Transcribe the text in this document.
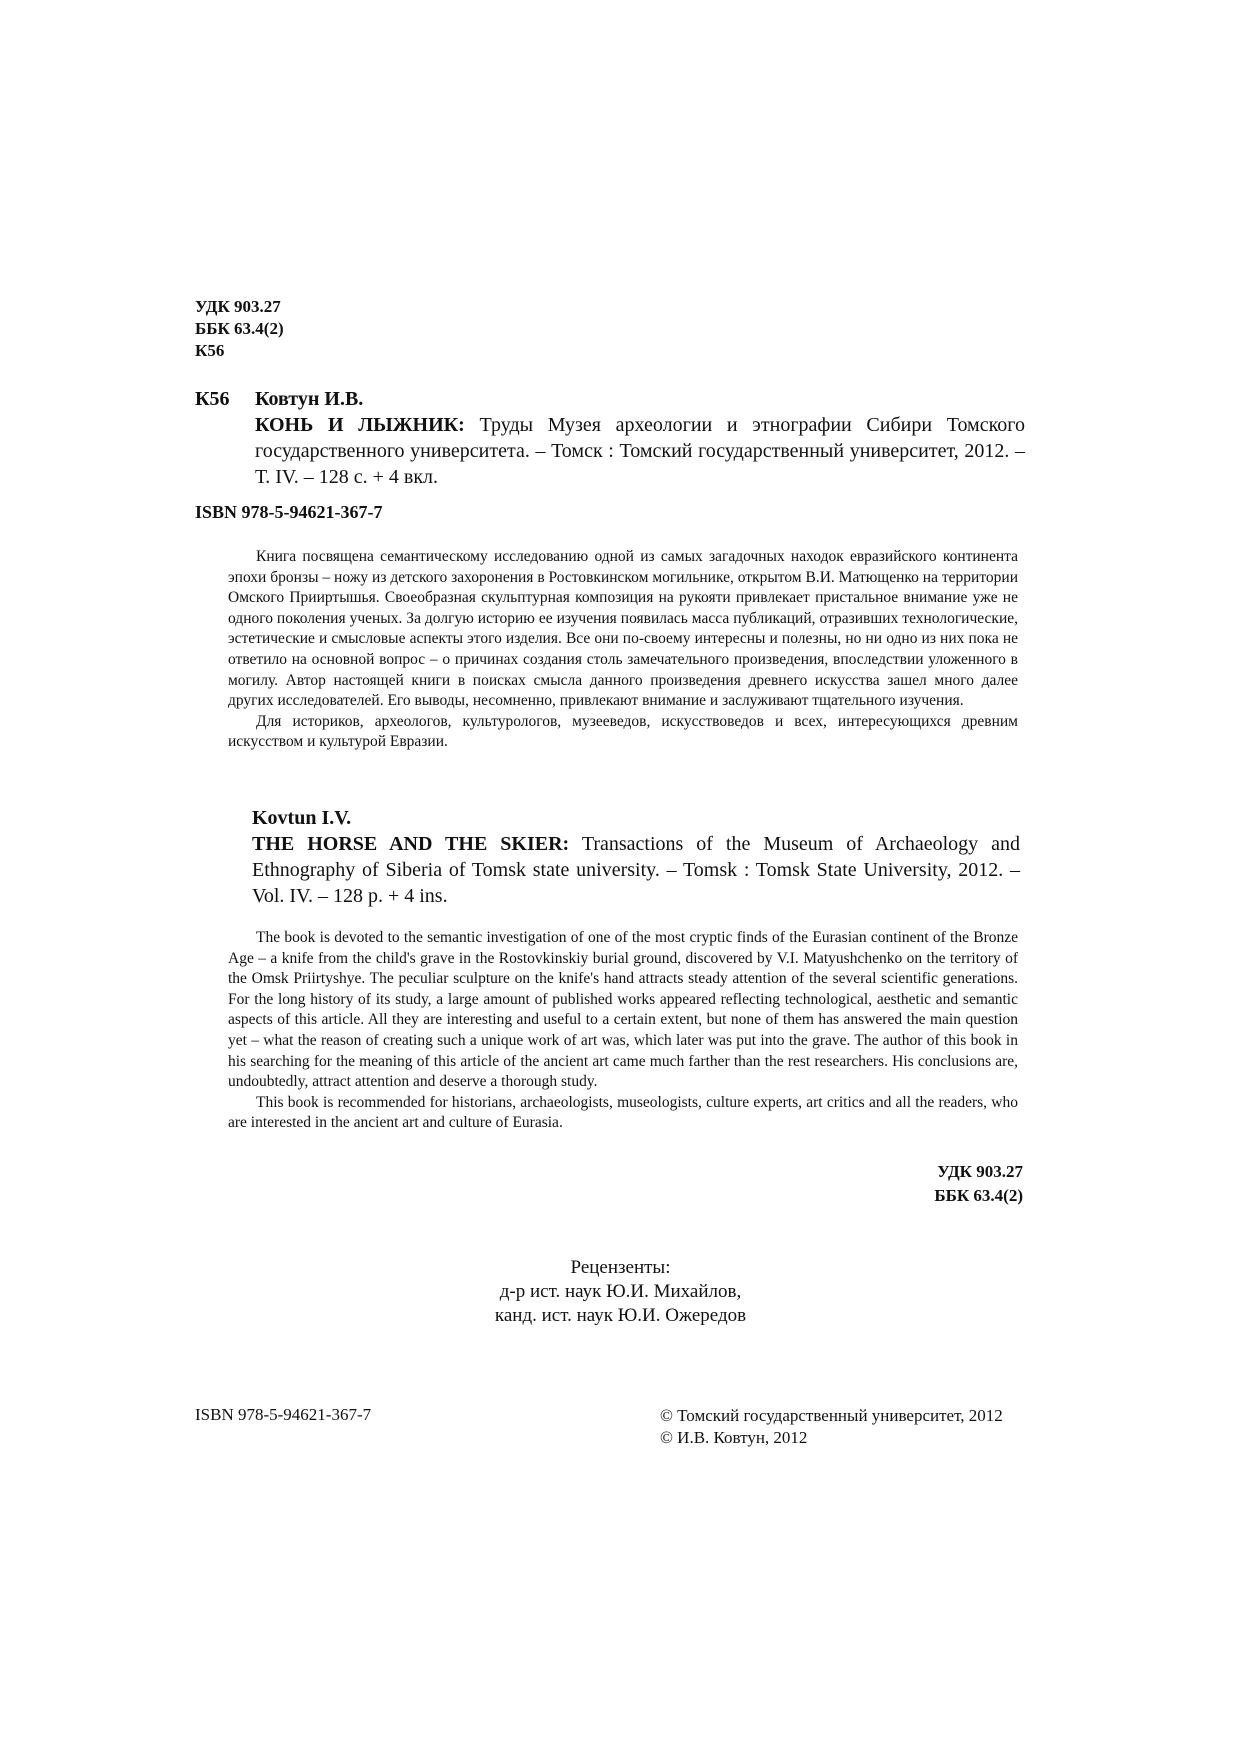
УДК 903.27
ББК 63.4(2)
К56
К56	Ковтун И.В.
КОНЬ И ЛЫЖНИК: Труды Музея археологии и этнографии Сибири Томского государственного университета. – Томск : Томский государственный университет, 2012. – Т. IV. – 128 с. + 4 вкл.
ISBN 978-5-94621-367-7

Книга посвящена семантическому исследованию одной из самых загадочных находок евразийского континента эпохи бронзы – ножу из детского захоронения в Ростовкинском могильнике, открытом В.И. Матющенко на территории Омского Прииртышья. Своеобразная скульптурная композиция на рукояти привлекает пристальное внимание уже не одного поколения ученых. За долгую историю ее изучения появилась масса публикаций, отразивших технологические, эстетические и смысловые аспекты этого изделия. Все они по-своему интересны и полезны, но ни одно из них пока не ответило на основной вопрос – о причинах создания столь замечательного произведения, впоследствии уложенного в могилу. Автор настоящей книги в поисках смысла данного произведения древнего искусства зашел много далее других исследователей. Его выводы, несомненно, привлекают внимание и заслуживают тщательного изучения.

Для историков, археологов, культурологов, музееведов, искусствоведов и всех, интересующихся древним искусством и культурой Евразии.

Kovtun I.V.
THE HORSE AND THE SKIER: Transactions of the Museum of Archaeology and Ethnography of Siberia of Tomsk state university. – Tomsk : Tomsk State University, 2012. – Vol. IV. – 128 p. + 4 ins.

The book is devoted to the semantic investigation of one of the most cryptic finds of the Eurasian continent of the Bronze Age – a knife from the child's grave in the Rostovkinskiy burial ground, discovered by V.I. Matyushchenko on the territory of the Omsk Priirtyshye. The peculiar sculpture on the knife's hand attracts steady attention of the several scientific generations. For the long history of its study, a large amount of published works appeared reflecting technological, aesthetic and semantic aspects of this article. All they are interesting and useful to a certain extent, but none of them has answered the main question yet – what the reason of creating such a unique work of art was, which later was put into the grave. The author of this book in his searching for the meaning of this article of the ancient art came much farther than the rest researchers. His conclusions are, undoubtedly, attract attention and deserve a thorough study.

This book is recommended for historians, archaeologists, museologists, culture experts, art critics and all the readers, who are interested in the ancient art and culture of Eurasia.

УДК 903.27
ББК 63.4(2)
Рецензенты:
д-р ист. наук Ю.И. Михайлов,
канд. ист. наук Ю.И. Ожередов
ISBN 978-5-94621-367-7	© Томский государственный университет, 2012
© И.В. Ковтун, 2012
